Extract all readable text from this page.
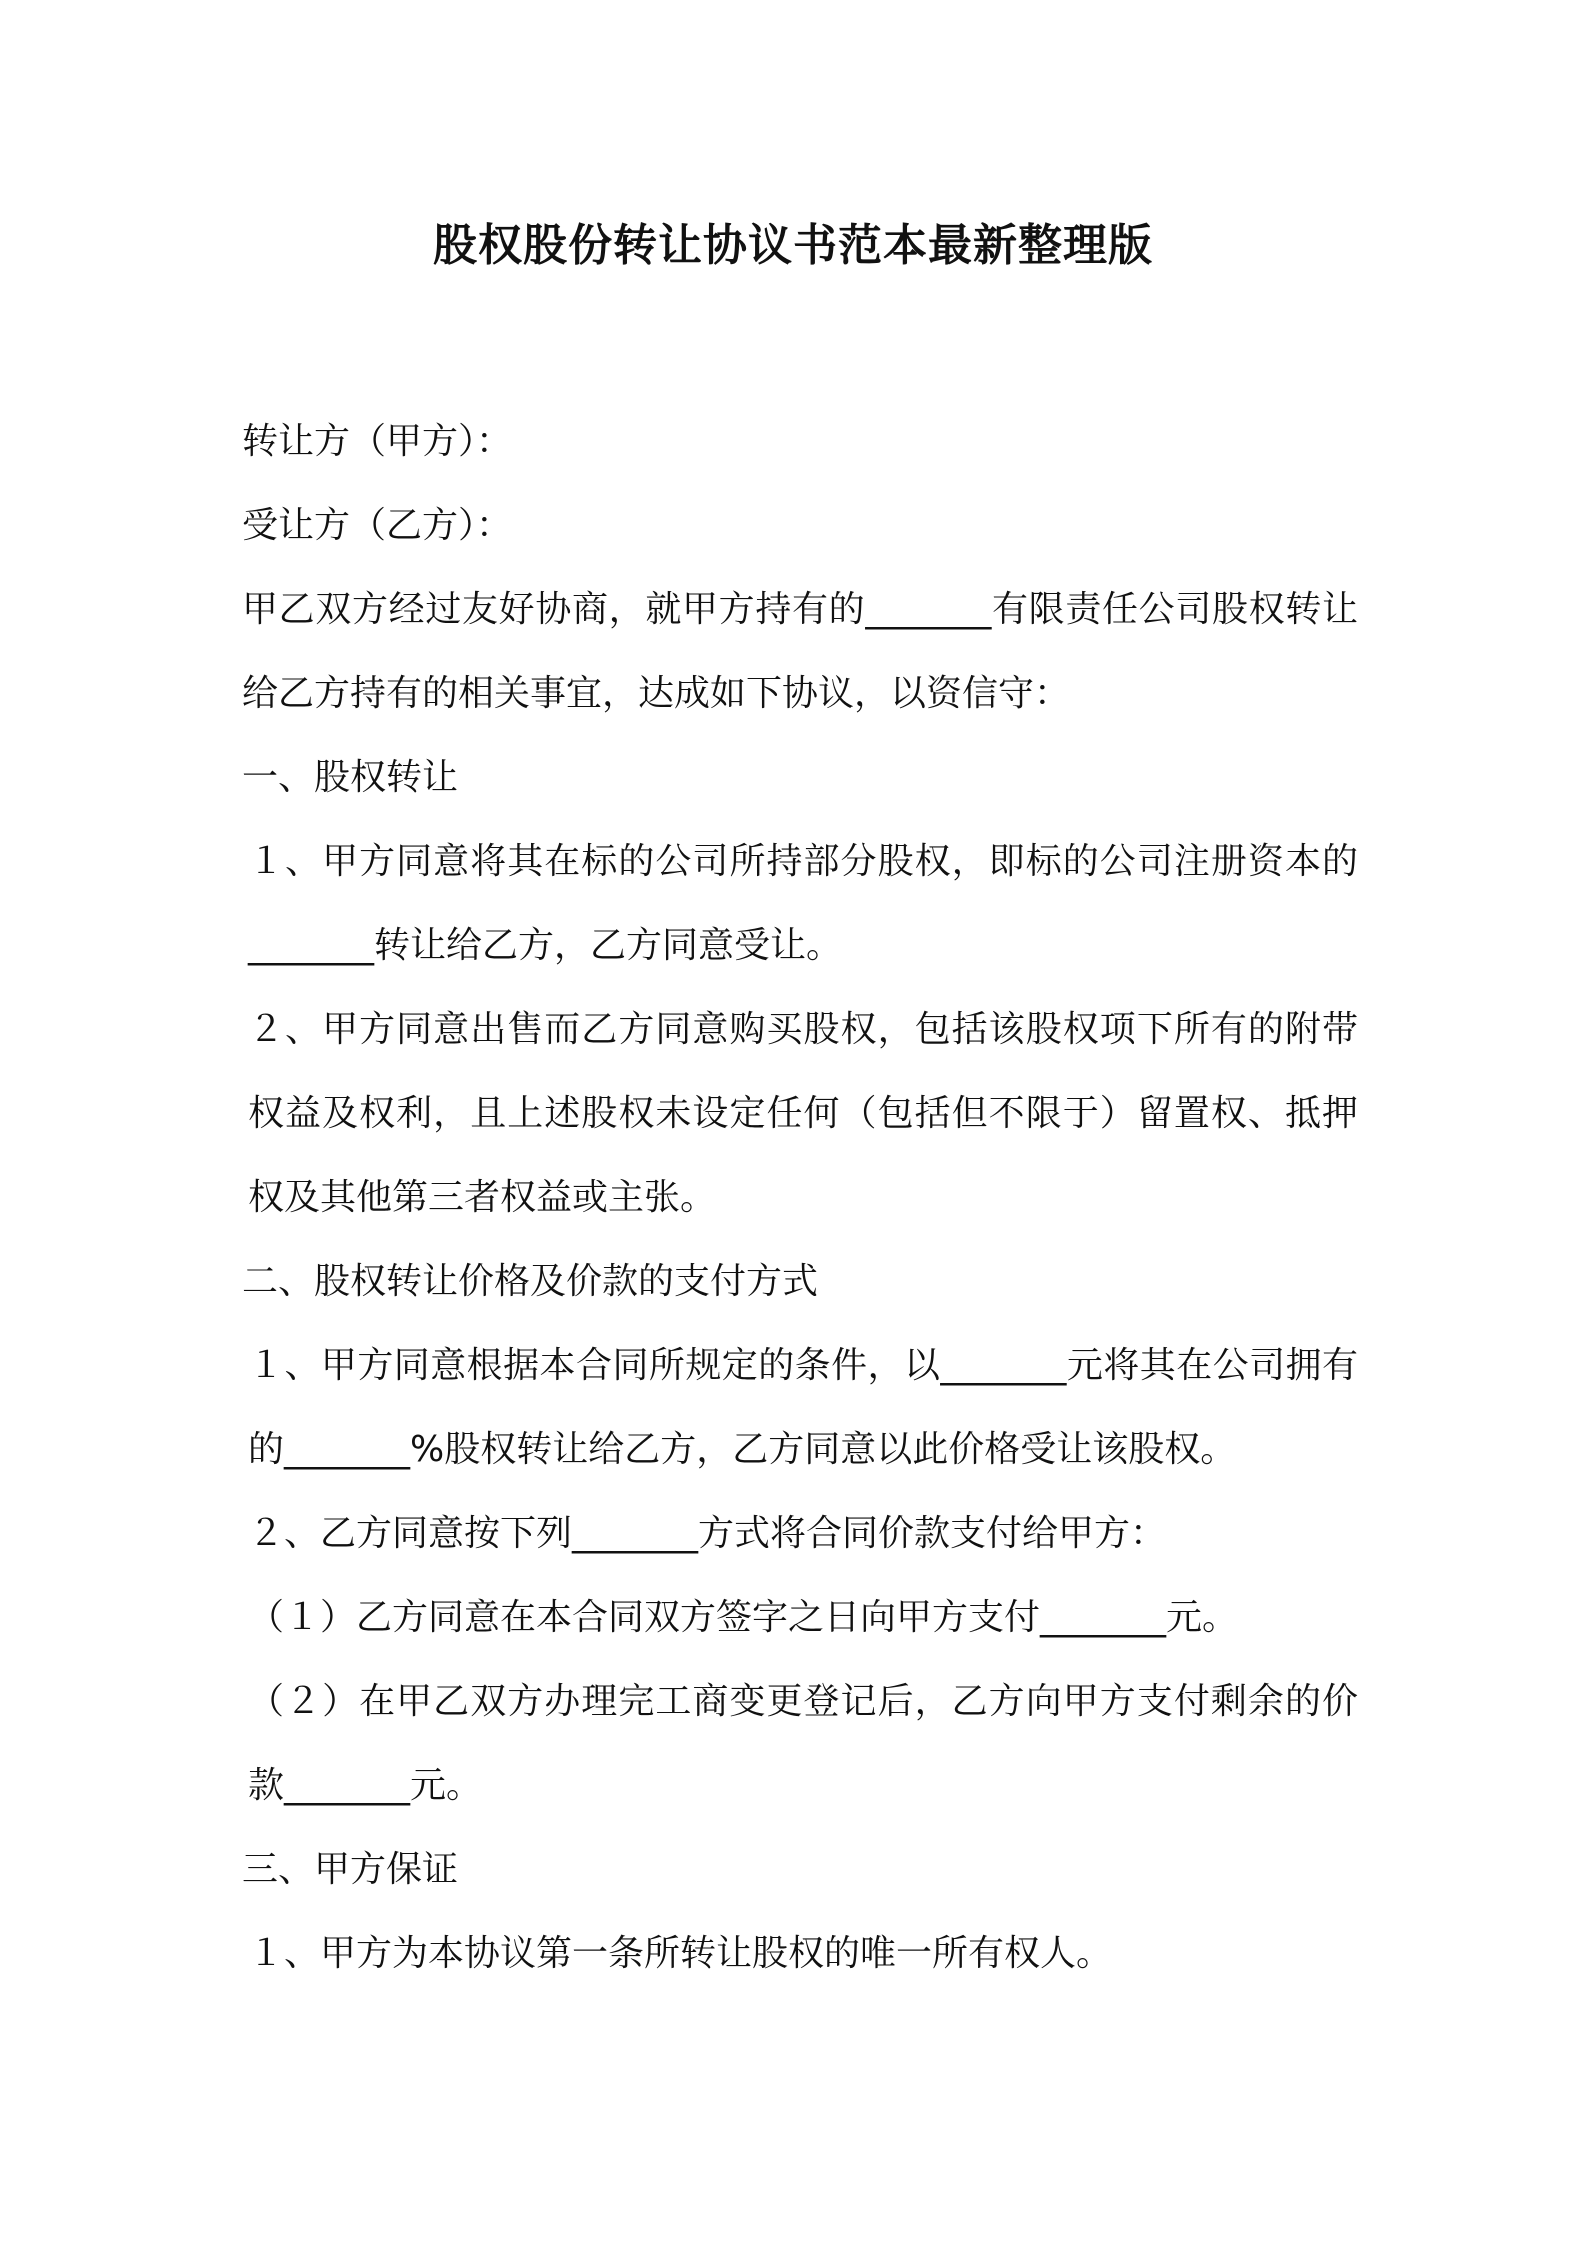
股权股份转让协议书范本最新整理版

转让方（甲方）：

受让方（乙方）：

甲乙双方经过友好协商，就甲方持有的_______有限责任公司股权转让给乙方持有的相关事宜，达成如下协议，以资信守：

一、股权转让

１、甲方同意将其在标的公司所持部分股权，即标的公司注册资本的_______转让给乙方，乙方同意受让。

２、甲方同意出售而乙方同意购买股权，包括该股权项下所有的附带权益及权利，且上述股权未设定任何（包括但不限于）留置权、抵押权及其他第三者权益或主张。

二、股权转让价格及价款的支付方式

１、甲方同意根据本合同所规定的条件，以_______元将其在公司拥有的_______%股权转让给乙方，乙方同意以此价格受让该股权。

２、乙方同意按下列_______方式将合同价款支付给甲方：

（１）乙方同意在本合同双方签字之日向甲方支付_______元。

（２）在甲乙双方办理完工商变更登记后，乙方向甲方支付剩余的价款_______元。

三、甲方保证

１、甲方为本协议第一条所转让股权的唯一所有权人。
